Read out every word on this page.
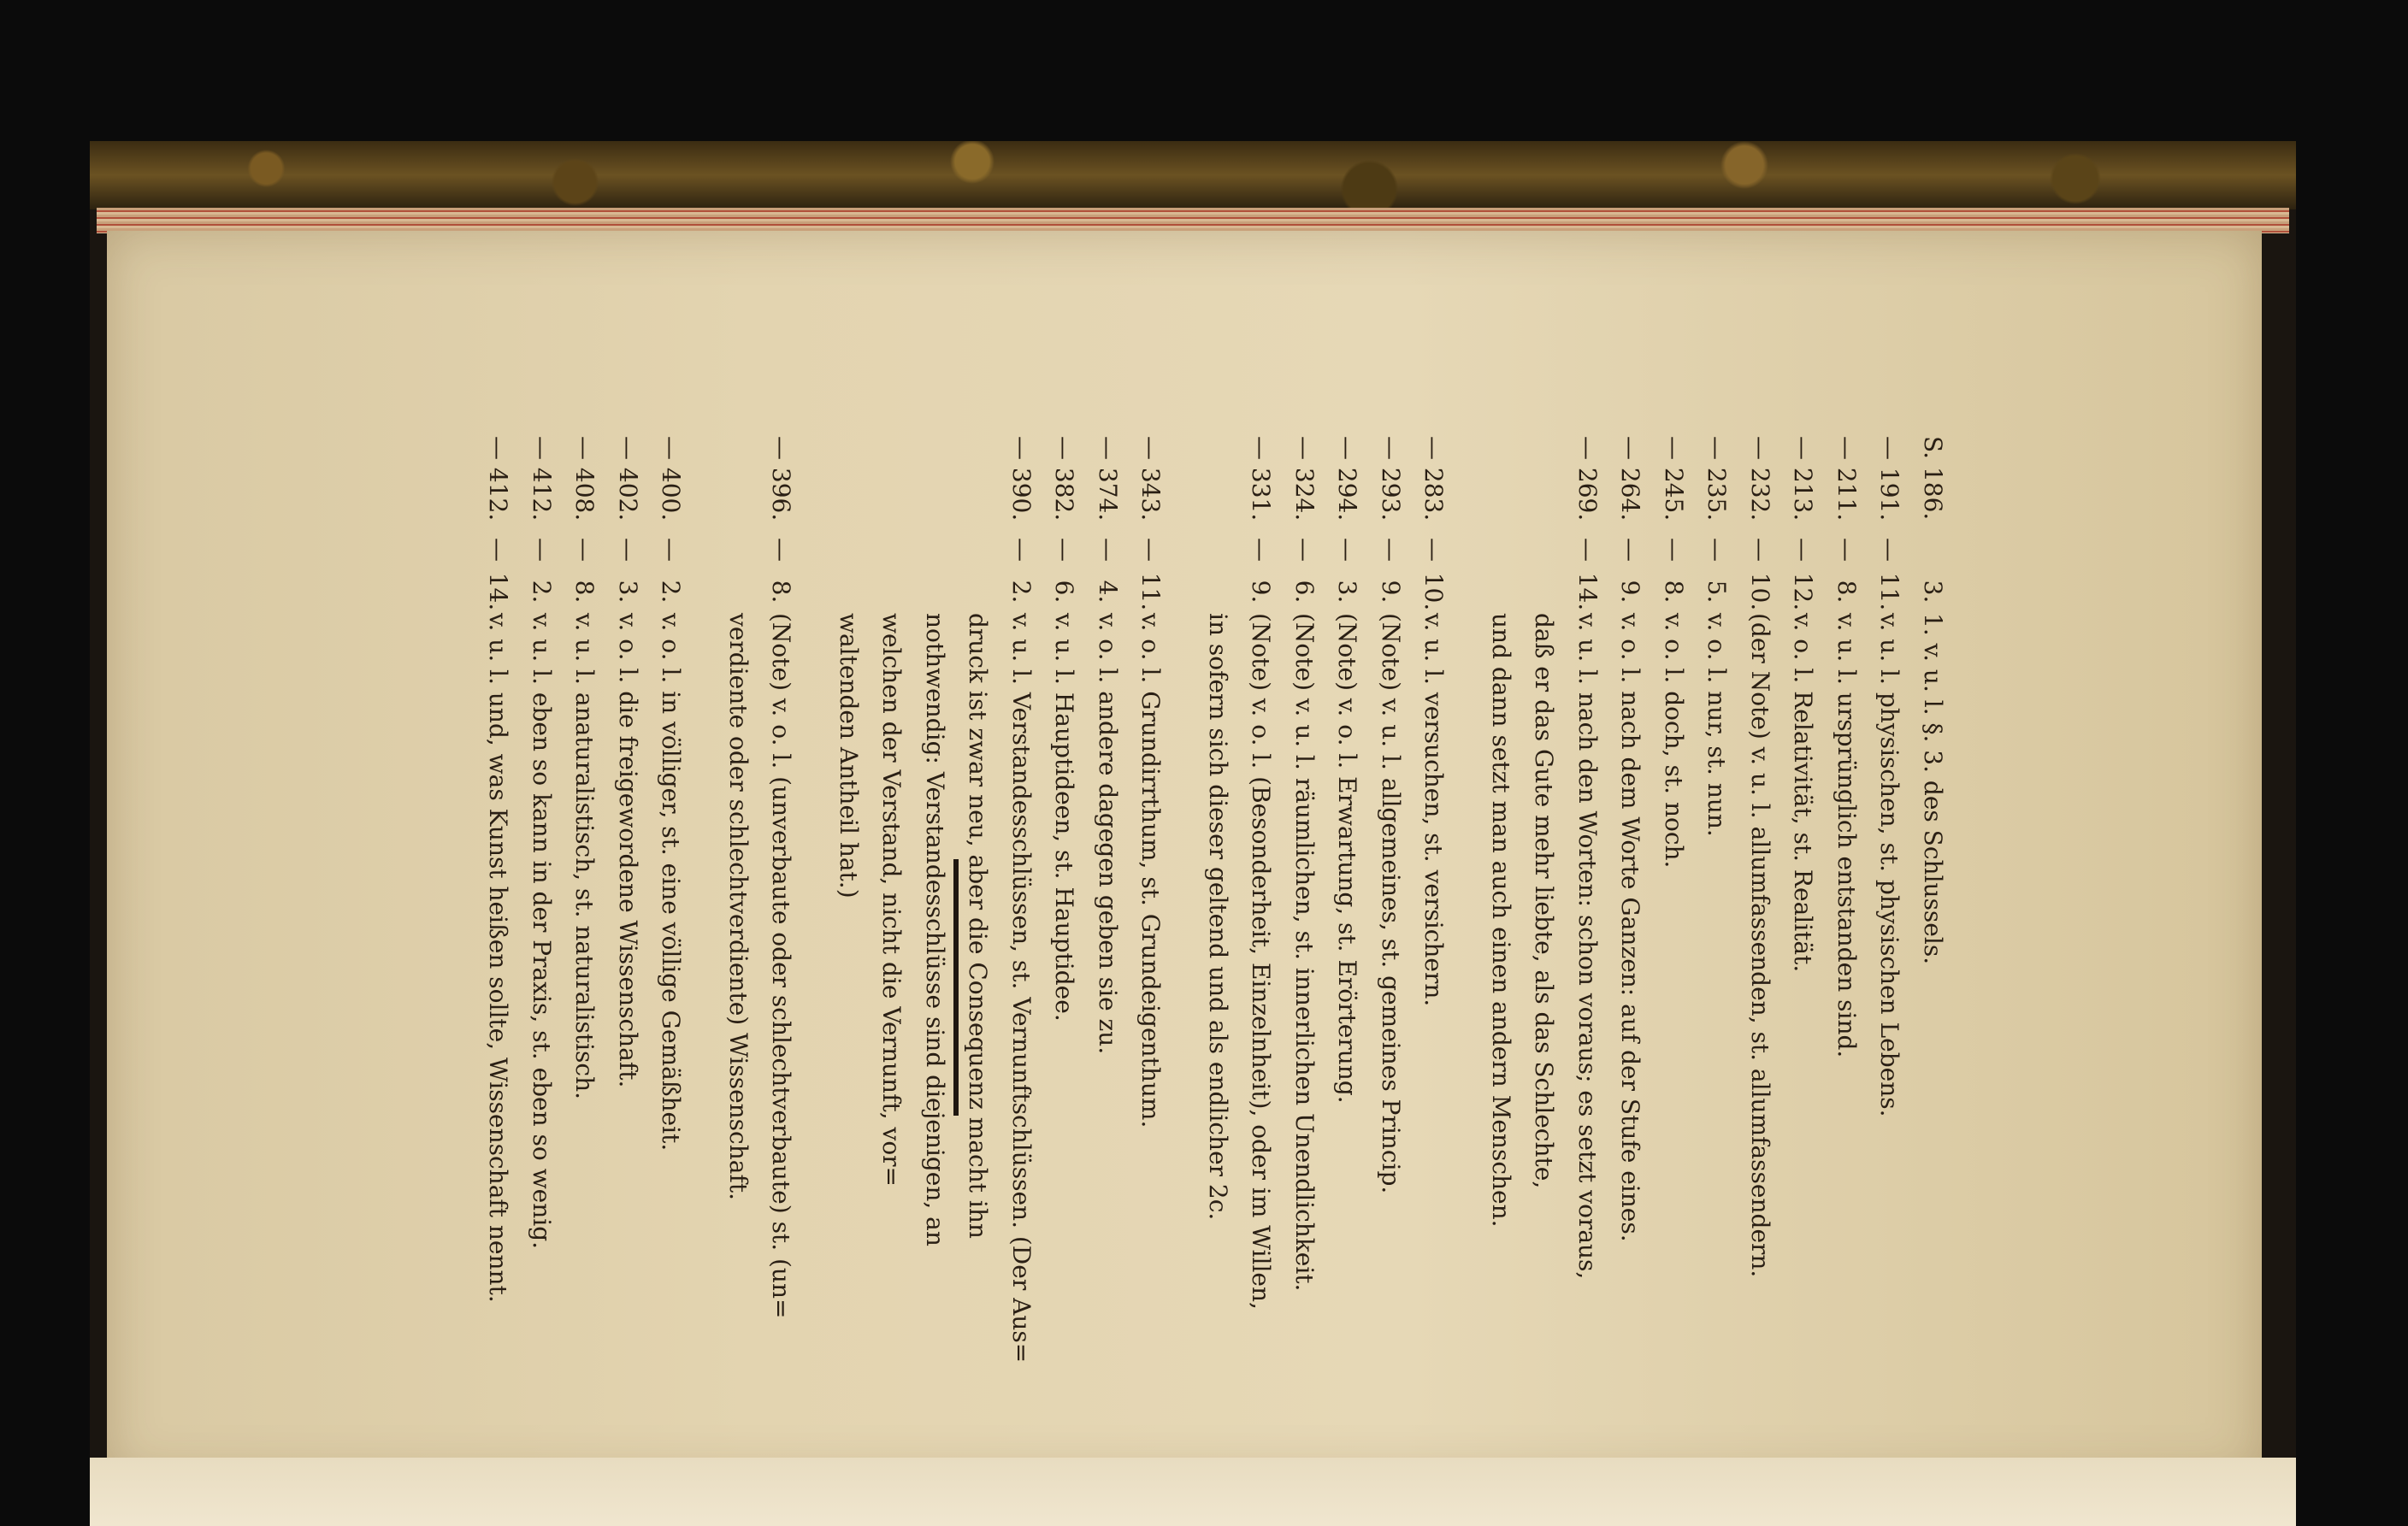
S. 186.
3.
1. v. u. l. §. 3. des Schlussels.
— 191.
—
11.
v. u. l. physischen, st. physischen Lebens.
— 211.
—
8.
v. u. l. ursprünglich entstanden sind.
— 213.
—
12.
v. o. l. Relativität, st. Realität.
— 232.
—
10.
(der Note) v. u. l. allumfassenden, st. allumfassendern.
— 235.
—
5.
v. o. l. nur, st. nun.
— 245.
—
8.
v. o. l. doch, st. noch.
— 264.
—
9.
v. o. l. nach dem Worte Ganzen: auf der Stufe eines.
— 269.
—
14.
v. u. l. nach den Worten: schon voraus; es setzt voraus,
daß er das Gute mehr liebte, als das Schlechte,
und dann setzt man auch einen andern Menschen.
— 283.
—
10.
v. u. l. versuchen, st. versichern.
— 293.
—
9.
(Note) v. u. l. allgemeines, st. gemeines Princip.
— 294.
—
3.
(Note) v. o. l. Erwartung, st. Erörterung.
— 324.
—
6.
(Note) v. u. l. räumlichen, st. innerlichen Unendlichkeit.
— 331.
—
9.
(Note) v. o. l. (Besonderheit, Einzelnheit), oder im Willen,
in sofern sich dieser geltend und als endlicher 2c.
— 343.
—
11.
v. o. l. Grundirrthum, st. Grundeigenthum.
— 374.
—
4.
v. o. l. andere dagegen geben sie zu.
— 382.
—
6.
v. u. l. Hauptideen, st. Hauptidee.
— 390.
—
2.
v. u. l. Verstandesschlüssen, st. Vernunftschlüssen. (Der Aus=
druck ist zwar neu, aber die Consequenz macht ihn
nothwendig: Verstandesschlüsse sind diejenigen, an
welchen der Verstand, nicht die Vernunft, vor=
waltenden Antheil hat.)
— 396.
—
8.
(Note) v. o. l. (unverbaute oder schlechtverbaute) st. (un=
verdiente oder schlechtverdiente) Wissenschaft.
— 400.
—
2.
v. o. l. in völliger, st. eine völlige Gemäßheit.
— 402.
—
3.
v. o. l. die freigewordene Wissenschaft.
— 408.
—
8.
v. u. l. anaturalistisch, st. naturalistisch.
— 412.
—
2.
v. u. l. eben so kann in der Praxis, st. eben so wenig.
— 412.
—
14.
v. u. l. und, was Kunst heißen sollte, Wissenschaft nennt.
